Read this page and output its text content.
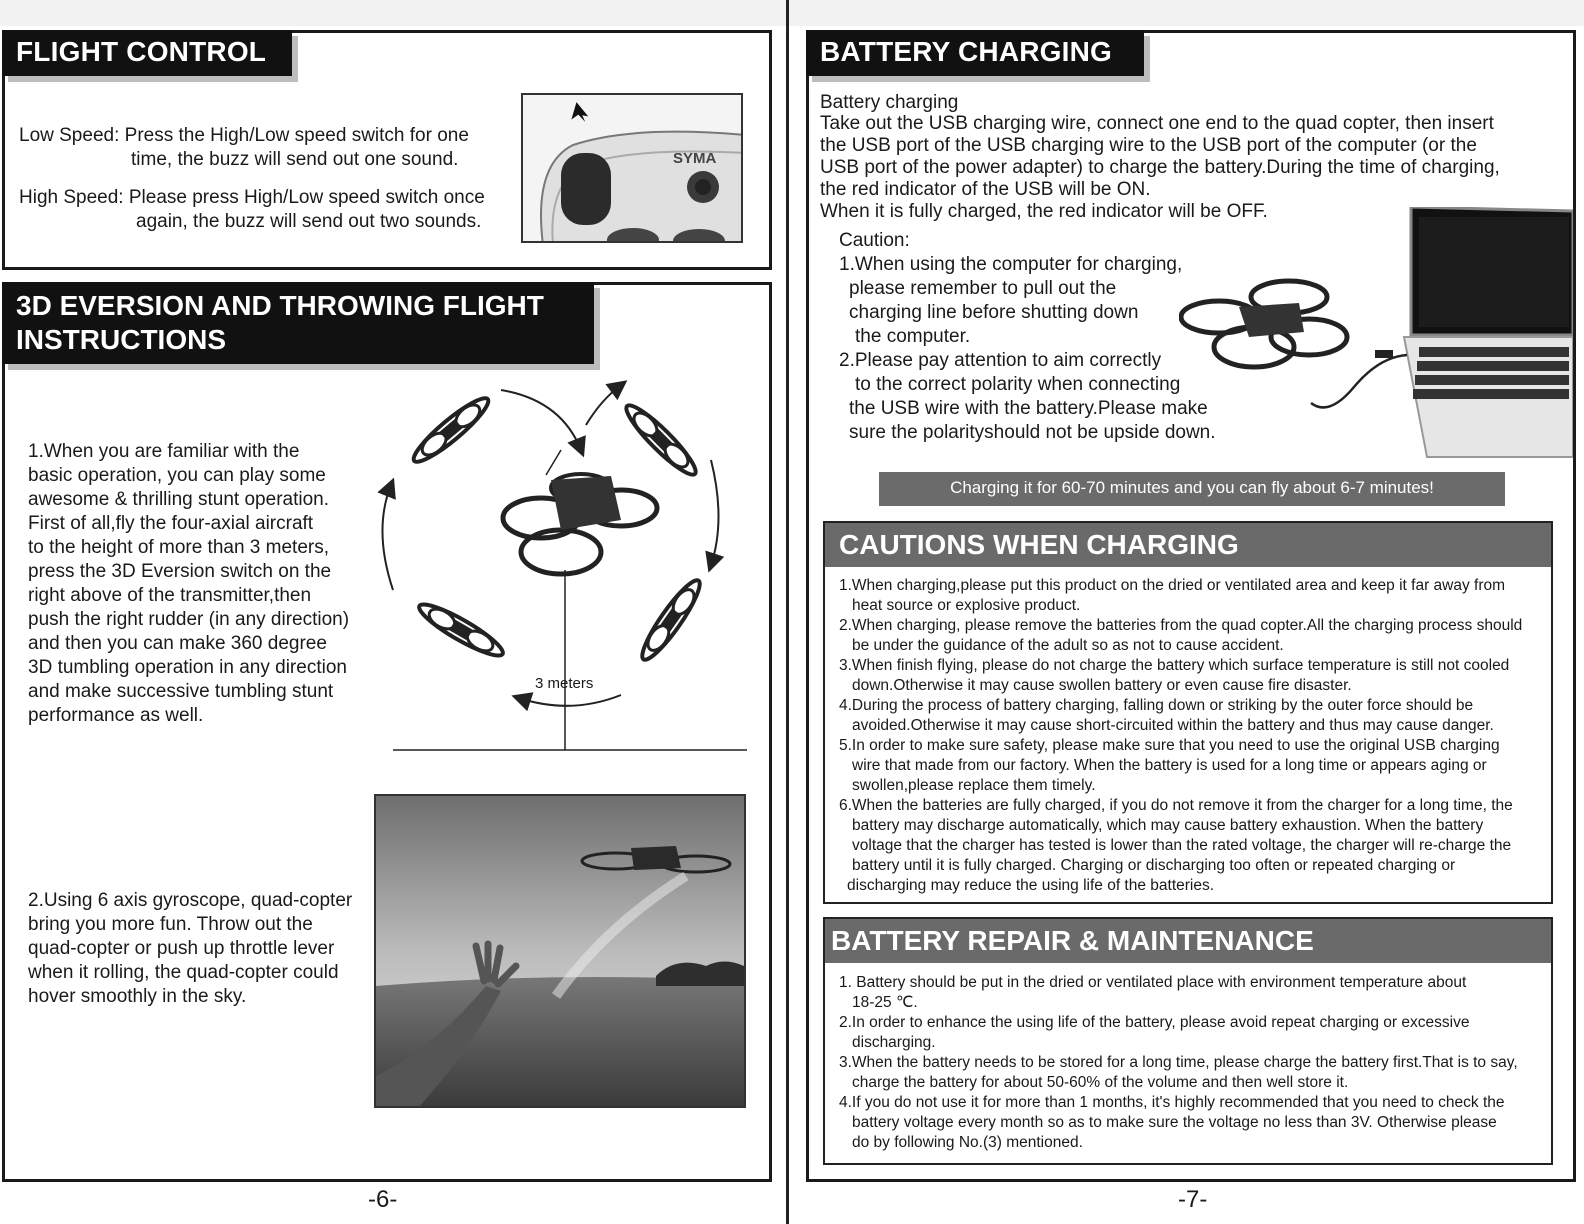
FLIGHT CONTROL
Low Speed: Press the High/Low speed switch for one
time, the buzz will send out one sound.
High Speed: Please press High/Low speed switch once
again, the buzz will send out two sounds.
SYMA
3D EVERSION AND THROWING FLIGHT
INSTRUCTIONS
1.When you are familiar with the
basic operation, you can play some
awesome & thrilling stunt operation.
First of all,fly the four-axial aircraft
to the height of more than 3 meters,
press the 3D Eversion switch on the
right above of the transmitter,then
push the right rudder (in any direction)
and then you can make 360 degree
3D tumbling operation in any direction
and make successive tumbling stunt
performance as well.
3 meters
2.Using 6 axis gyroscope, quad-copter
bring you more fun. Throw out the
quad-copter or push up throttle lever
when it rolling, the quad-copter could
hover smoothly in the sky.
BATTERY CHARGING
Battery charging
Take out the USB charging wire, connect one end to the quad copter, then insert
the USB port of the USB charging wire to the USB port of the computer (or the
USB port of the power adapter) to charge the battery.During the time of charging,
the red indicator of the USB will be ON.
When it is fully charged, the red indicator will be OFF.
Caution:
1.When using the computer for charging,
please remember to pull out the
charging line before shutting down
the computer.
2.Please pay attention to aim correctly
to the correct polarity when connecting
the USB wire with the battery.Please make
sure the polarityshould not be upside down.
Charging it for 60-70 minutes and you can fly about 6-7 minutes!
CAUTIONS WHEN CHARGING
1.When charging,please put this product on the dried or ventilated area and keep it far away from
heat source or explosive product.
2.When charging, please remove the batteries from the quad copter.All the charging process should
be under the guidance of the adult so as not to cause accident.
3.When finish flying, please do not charge the battery which surface temperature is still not cooled
down.Otherwise it may cause swollen battery or even cause fire disaster.
4.During the process of battery charging, falling down or striking by the outer force should be
avoided.Otherwise it may cause short-circuited within the battery and thus may cause danger.
5.In order to make sure safety, please make sure that you need to use the original USB charging
wire that made from our factory. When the battery is used for a long time or appears aging or
swollen,please replace them timely.
6.When the batteries are fully charged, if you do not remove it from the charger for a long time, the
battery may discharge automatically, which may cause battery exhaustion. When the battery
voltage that the charger has tested is lower than the rated voltage, the charger will re-charge the
battery until it is fully charged. Charging or discharging too often or repeated charging or
discharging may reduce the using life of the batteries.
BATTERY REPAIR & MAINTENANCE
1. Battery should be put in the dried or ventilated place with environment temperature about
18-25 ℃.
2.In order to enhance the using life of the battery, please avoid repeat charging or excessive
discharging.
3.When the battery needs to be stored for a long time, please charge the battery first.That is to say,
charge the battery for about 50-60% of the volume and then well store it.
4.If you do not use it for more than 1 months, it's highly recommended that you need to check the
battery voltage every month so as to make sure the voltage no less than 3V. Otherwise please
do by following No.(3) mentioned.
-6-	-7-
